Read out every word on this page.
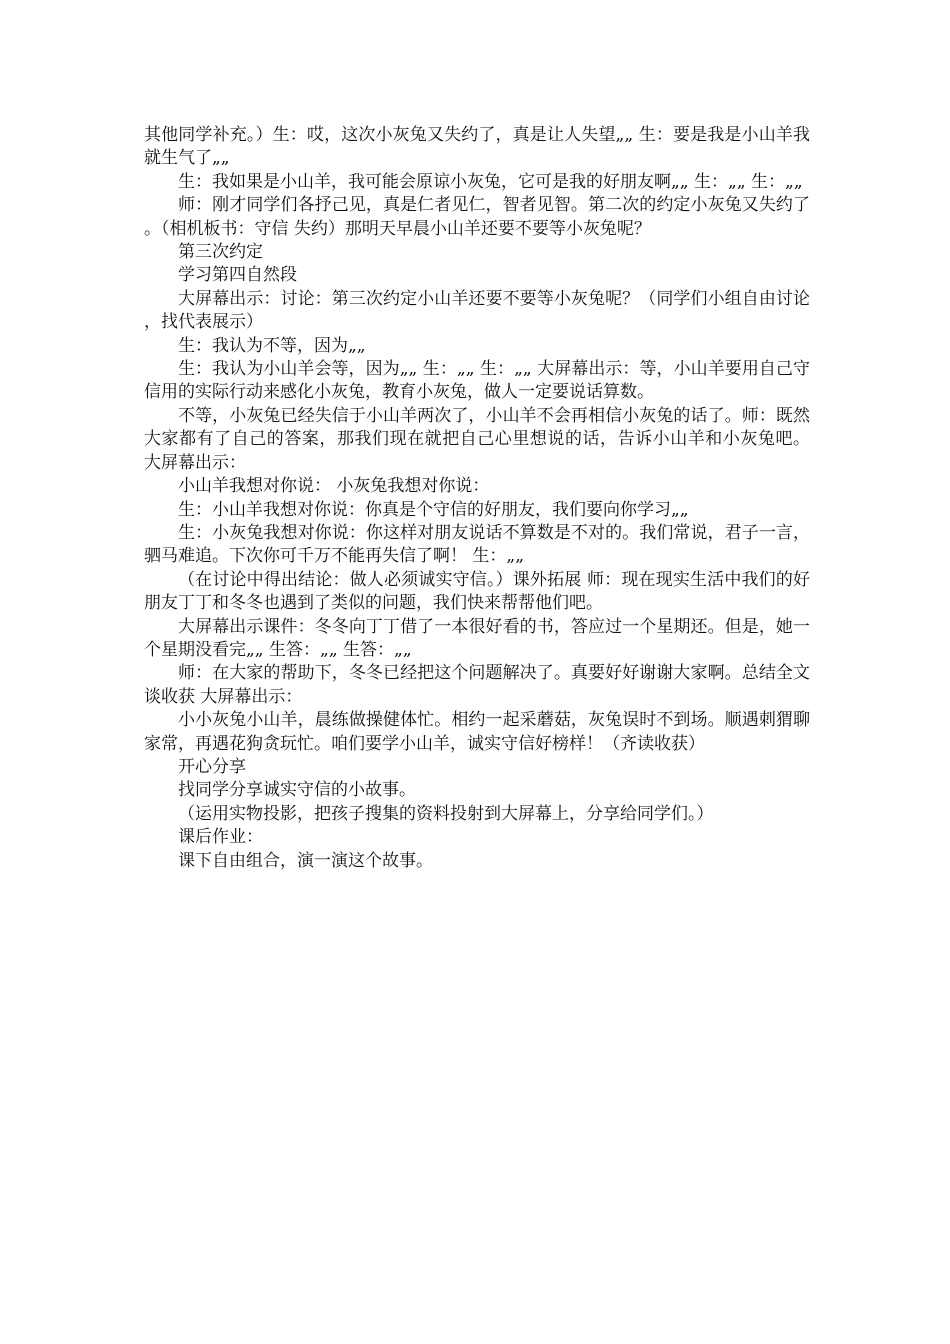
其他同学补充。）生：哎，这次小灰兔又失约了，真是让人失望„„ 生：要是我是小山羊我就生气了„„

生：我如果是小山羊，我可能会原谅小灰兔，它可是我的好朋友啊„„ 生：„„ 生：„„

师：刚才同学们各抒己见，真是仁者见仁，智者见智。第二次的约定小灰兔又失约了。（相机板书：守信 失约）那明天早晨小山羊还要不要等小灰兔呢？

第三次约定

学习第四自然段

大屏幕出示：讨论：第三次约定小山羊还要不要等小灰兔呢？（同学们小组自由讨论，找代表展示）

生：我认为不等，因为„„

生：我认为小山羊会等，因为„„ 生：„„ 生：„„ 大屏幕出示：等，小山羊要用自己守信用的实际行动来感化小灰兔，教育小灰兔，做人一定要说话算数。

不等，小灰兔已经失信于小山羊两次了，小山羊不会再相信小灰兔的话了。师：既然大家都有了自己的答案，那我们现在就把自己心里想说的话，告诉小山羊和小灰兔吧。 大屏幕出示：

小山羊我想对你说： 小灰兔我想对你说：

生：小山羊我想对你说：你真是个守信的好朋友，我们要向你学习„„

生：小灰兔我想对你说：你这样对朋友说话不算数是不对的。我们常说，君子一言，驷马难追。下次你可千万不能再失信了啊！ 生：„„

（在讨论中得出结论：做人必须诚实守信。）课外拓展 师：现在现实生活中我们的好朋友丁丁和冬冬也遇到了类似的问题，我们快来帮帮他们吧。

大屏幕出示课件：冬冬向丁丁借了一本很好看的书，答应过一个星期还。但是，她一个星期没看完„„ 生答：„„ 生答：„„

师：在大家的帮助下，冬冬已经把这个问题解决了。真要好好谢谢大家啊。总结全文 谈收获 大屏幕出示：

小小灰兔小山羊，晨练做操健体忙。相约一起采蘑菇，灰兔误时不到场。顺遇刺猬聊家常，再遇花狗贪玩忙。咱们要学小山羊，诚实守信好榜样！（齐读收获）

开心分享

找同学分享诚实守信的小故事。

（运用实物投影，把孩子搜集的资料投射到大屏幕上，分享给同学们。）

课后作业：

课下自由组合，演一演这个故事。
